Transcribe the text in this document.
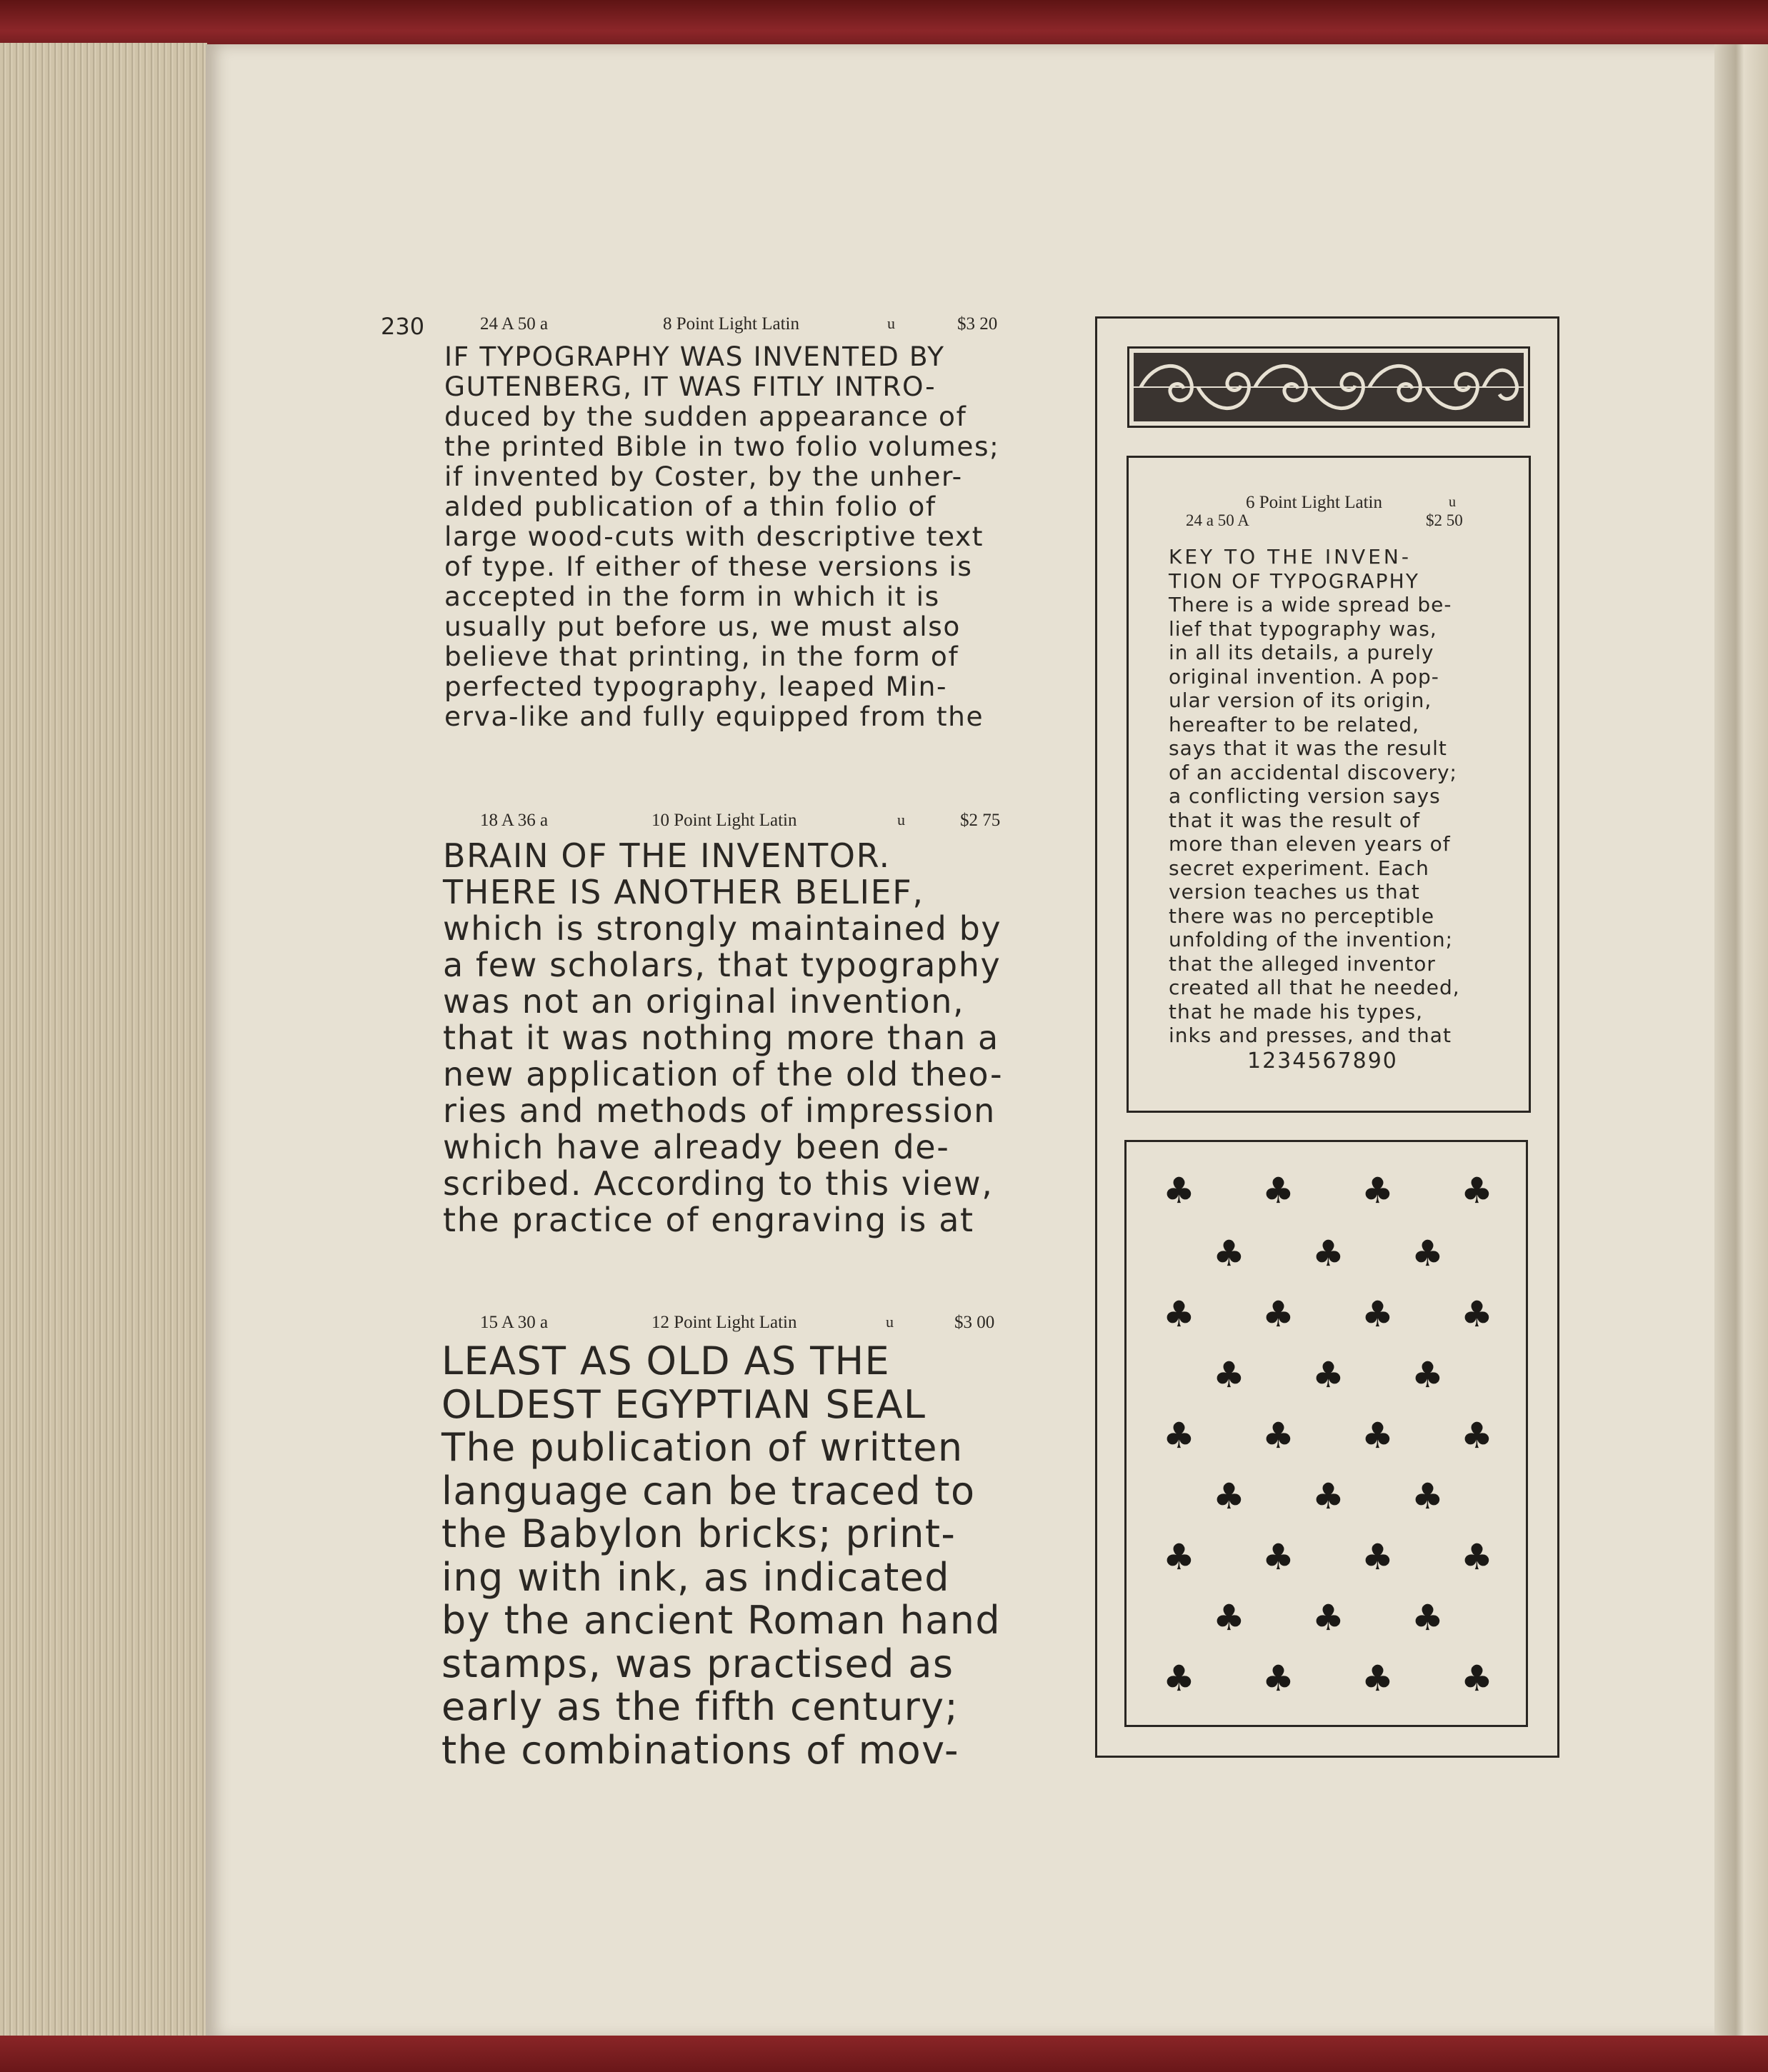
230	24 A 50 a	8 Point Light Latin	u	$3 20
IF TYPOGRAPHY WAS INVENTED BY
GUTENBERG, IT WAS FITLY INTRO-
duced by the sudden appearance of
the printed Bible in two folio volumes;
if invented by Coster, by the unher-
alded publication of a thin folio of
large wood-cuts with descriptive text
of type. If either of these versions is
accepted in the form in which it is
usually put before us, we must also
believe that printing, in the form of
perfected typography, leaped Min-
erva-like and fully equipped from the
18 A 36 a	10 Point Light Latin	u	$2 75
BRAIN OF THE INVENTOR.
THERE IS ANOTHER BELIEF,
which is strongly maintained by
a few scholars, that typography
was not an original invention,
that it was nothing more than a
new application of the old theo-
ries and methods of impression
which have already been de-
scribed. According to this view,
the practice of engraving is at
15 A 30 a	12 Point Light Latin	u	$3 00
LEAST AS OLD AS THE
OLDEST EGYPTIAN SEAL
The publication of written
language can be traced to
the Babylon bricks; print-
ing with ink, as indicated
by the ancient Roman hand
stamps, was practised as
early as the fifth century;
the combinations of mov-
6 Point Light Latin	u
24 a 50 A	$2 50
KEY TO THE INVEN-
TION OF TYPOGRAPHY
There is a wide spread be-
lief that typography was,
in all its details, a purely
original invention. A pop-
ular version of its origin,
hereafter to be related,
says that it was the result
of an accidental discovery;
a conflicting version says
that it was the result of
more than eleven years of
secret experiment. Each
version teaches us that
there was no perceptible
unfolding of the invention;
that the alleged inventor
created all that he needed,
that he made his types,
inks and presses, and that
1234567890
♣ ♣ ♣ ♣
♣ ♣ ♣
♣ ♣ ♣ ♣
♣ ♣ ♣
♣ ♣ ♣ ♣
♣ ♣ ♣
♣ ♣ ♣ ♣
♣ ♣ ♣
♣ ♣ ♣ ♣
